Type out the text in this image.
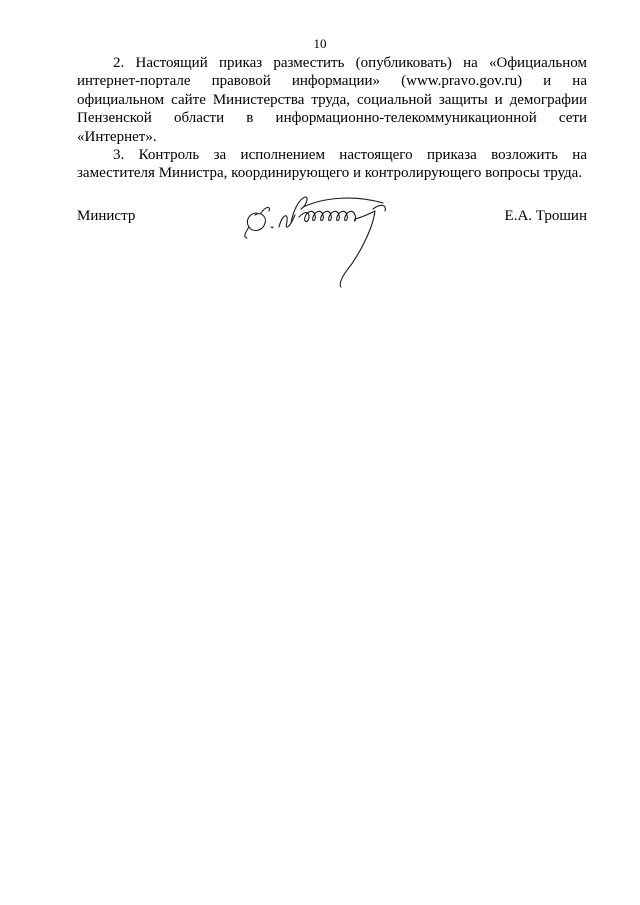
10

2. Настоящий приказ разместить (опубликовать) на «Официальном интернет-портале правовой информации» (www.pravo.gov.ru) и на официальном сайте Министерства труда, социальной защиты и демографии Пензенской области в информационно-телекоммуникационной сети «Интернет».

3. Контроль за исполнением настоящего приказа возложить на заместителя Министра, координирующего и контролирующего вопросы труда.

Министр	Е.А. Трошин
